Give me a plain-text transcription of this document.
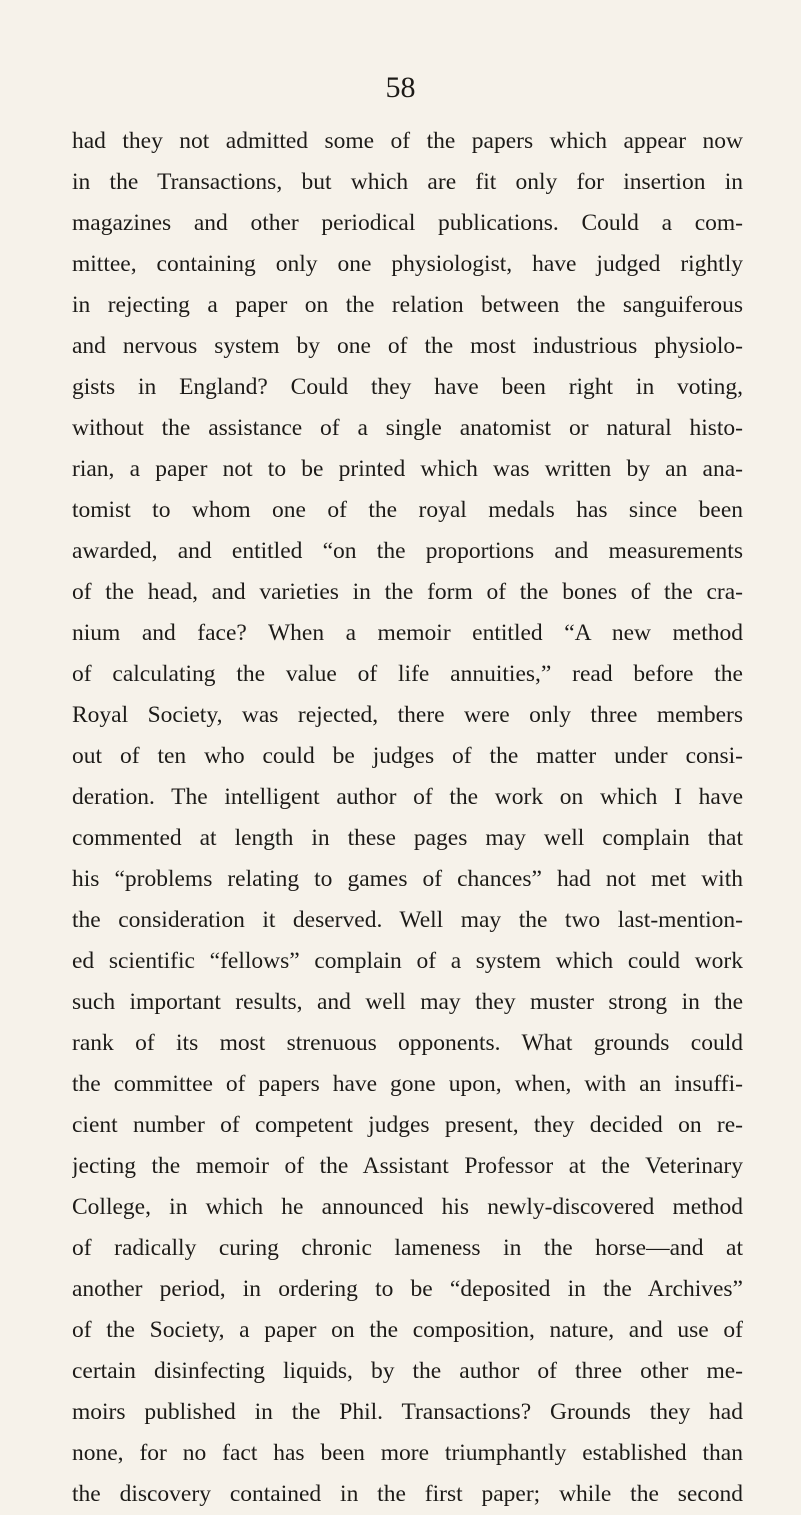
58
had they not admitted some of the papers which appear now
in the Transactions, but which are fit only for insertion in
magazines and other periodical publications. Could a com-
mittee, containing only one physiologist, have judged rightly
in rejecting a paper on the relation between the sanguiferous
and nervous system by one of the most industrious physiolo-
gists in England? Could they have been right in voting,
without the assistance of a single anatomist or natural histo-
rian, a paper not to be printed which was written by an ana-
tomist to whom one of the royal medals has since been
awarded, and entitled “on the proportions and measurements
of the head, and varieties in the form of the bones of the cra-
nium and face? When a memoir entitled “A new method
of calculating the value of life annuities,” read before the
Royal Society, was rejected, there were only three members
out of ten who could be judges of the matter under consi-
deration. The intelligent author of the work on which I have
commented at length in these pages may well complain that
his “problems relating to games of chances” had not met with
the consideration it deserved. Well may the two last-mention-
ed scientific “fellows” complain of a system which could work
such important results, and well may they muster strong in the
rank of its most strenuous opponents. What grounds could
the committee of papers have gone upon, when, with an insuffi-
cient number of competent judges present, they decided on re-
jecting the memoir of the Assistant Professor at the Veterinary
College, in which he announced his newly-discovered method
of radically curing chronic lameness in the horse—and at
another period, in ordering to be “deposited in the Archives”
of the Society, a paper on the composition, nature, and use of
certain disinfecting liquids, by the author of three other me-
moirs published in the Phil. Transactions? Grounds they had
none, for no fact has been more triumphantly established than
the discovery contained in the first paper; while the second
